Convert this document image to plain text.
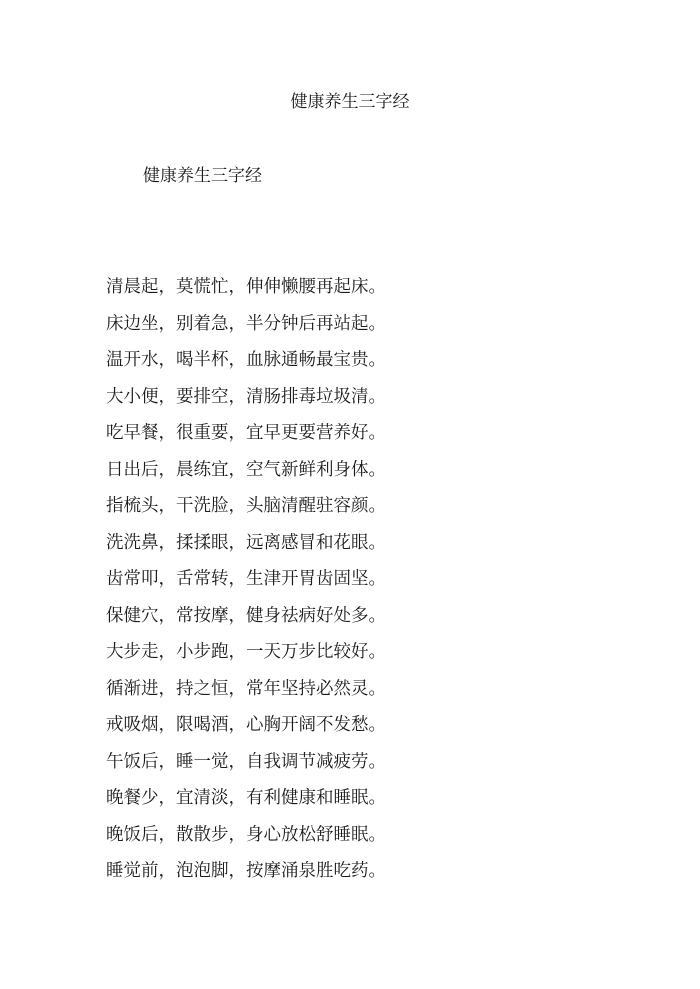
健康养生三字经
健康养生三字经
清晨起，莫慌忙，伸伸懒腰再起床。
床边坐，别着急，半分钟后再站起。
温开水，喝半杯，血脉通畅最宝贵。
大小便，要排空，清肠排毒垃圾清。
吃早餐，很重要，宜早更要营养好。
日出后，晨练宜，空气新鲜利身体。
指梳头，干洗脸，头脑清醒驻容颜。
洗洗鼻，揉揉眼，远离感冒和花眼。
齿常叩，舌常转，生津开胃齿固坚。
保健穴，常按摩，健身祛病好处多。
大步走，小步跑，一天万步比较好。
循渐进，持之恒，常年坚持必然灵。
戒吸烟，限喝酒，心胸开阔不发愁。
午饭后，睡一觉，自我调节减疲劳。
晚餐少，宜清淡，有利健康和睡眠。
晚饭后，散散步，身心放松舒睡眠。
睡觉前，泡泡脚，按摩涌泉胜吃药。
